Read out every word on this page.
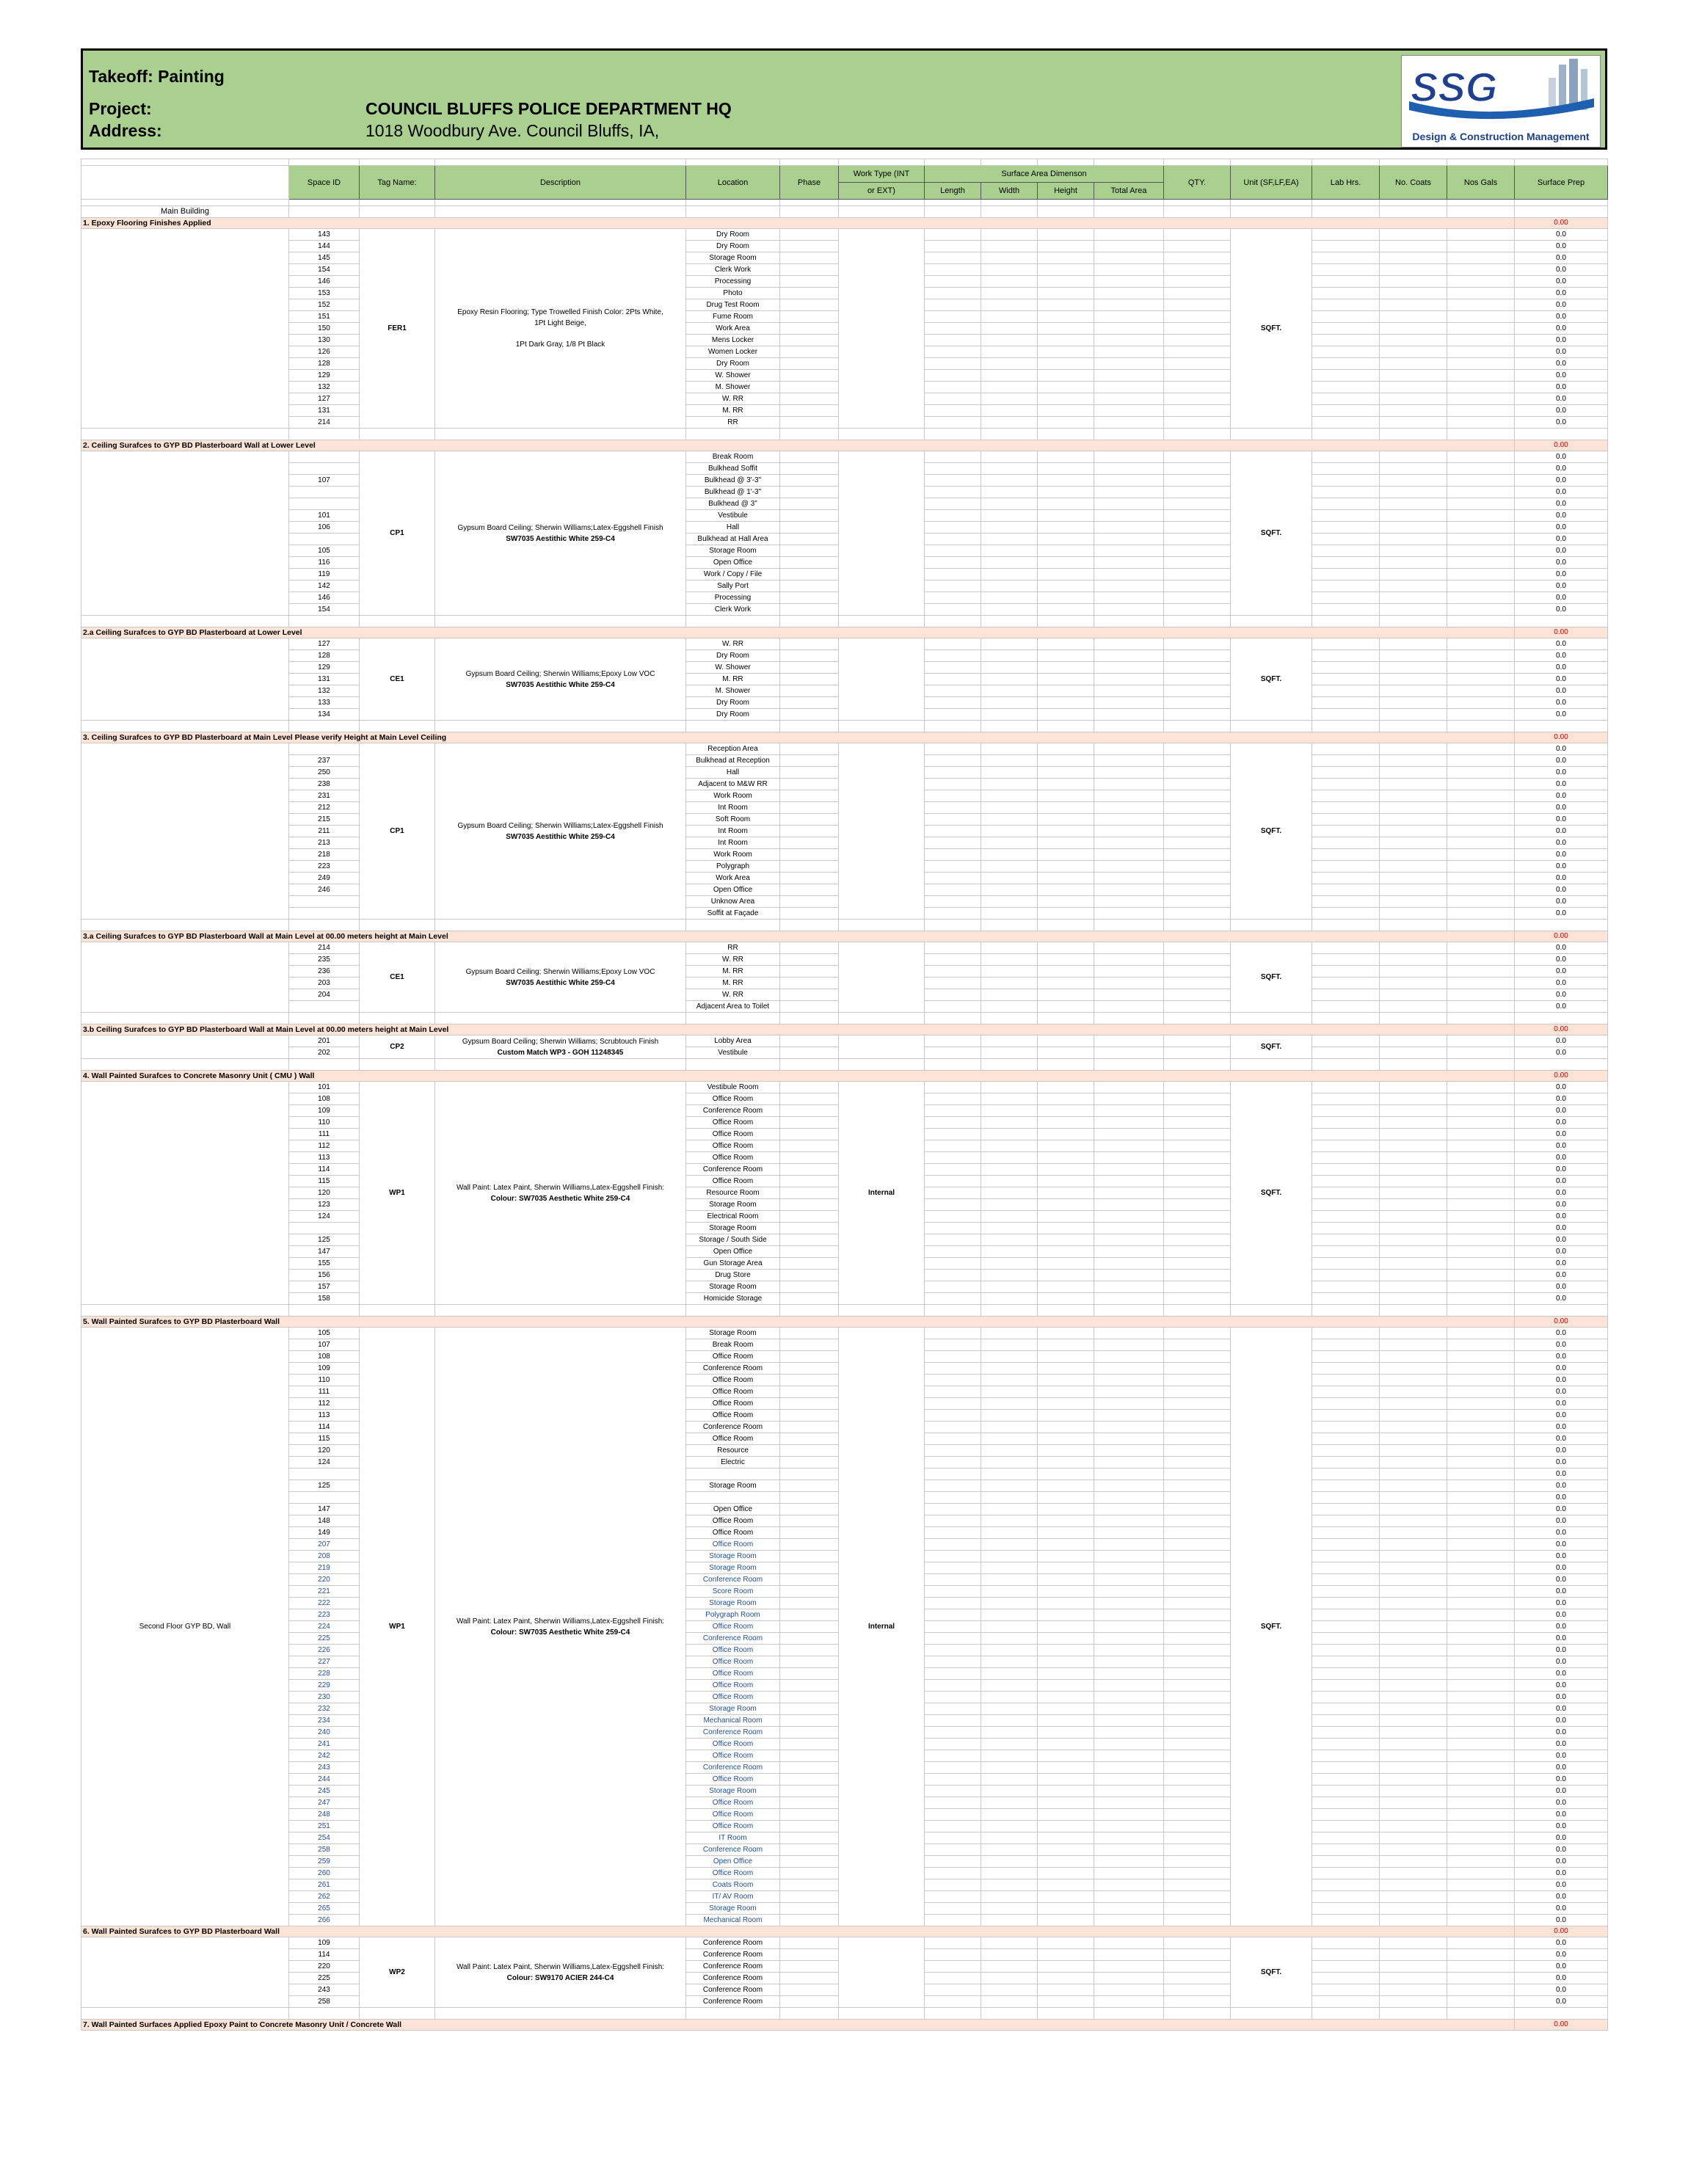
Takeoff: Painting
Project:	COUNCIL BLUFFS POLICE DEPARTMENT HQ
Address:	1018 Woodbury Ave. Council Bluffs, IA,
SSG
Design & Construction Management

	Space ID	Tag Name:	Description	Location	Phase	Work Type (INT	Surface Area Dimenson				QTY.	Unit (SF,LF,EA)	Lab Hrs.	No. Coats	Nos Gals	Surface Prep
						or EXT)	Length	Width	Height	Total Area						

Main Building																
1. Epoxy Flooring Finishes Applied																0.00
	143	FER1	Epoxy Resin Flooring; Type Trowelled Finish Color: 2Pts White,
1Pt Light Beige,
1Pt Dark Gray, 1/8 Pt Black	Dry Room								SQFT.				0.0
	144			Dry Room												0.0
	145			Storage Room												0.0
	154			Clerk Work												0.0
	146			Processing												0.0
	153			Photo												0.0
	152			Drug Test Room												0.0
	151			Fume Room												0.0
	150			Work Area												0.0
	130			Mens Locker												0.0
	126			Women Locker												0.0
	128			Dry Room												0.0
	129			W. Shower												0.0
	132			M. Shower												0.0
	127			W. RR												0.0
	131			M. RR												0.0
	214			RR												0.0

2. Ceiling Surafces to GYP BD Plasterboard Wall at Lower Level																0.00
		CP1	Gypsum Board Ceiling; Sherwin Williams;Latex-Eggshell Finish
SW7035 Aestithic White 259-C4	Break Room								SQFT.				0.0
				Bulkhead Soffit												0.0
	107			Bulkhead @ 3'-3"												0.0
				Bulkhead @ 1'-3"												0.0
				Bulkhead @ 3"												0.0
	101			Vestibule												0.0
	106			Hall												0.0
				Bulkhead at Hall Area												0.0
	105			Storage Room												0.0
	116			Open Office												0.0
	119			Work / Copy / File												0.0
	142			Sally Port												0.0
	146			Processing												0.0
	154			Clerk Work												0.0

2.a Ceiling Surafces to GYP BD Plasterboard at Lower Level																0.00
	127	CE1	Gypsum Board Ceiling; Sherwin Williams;Epoxy Low VOC
SW7035 Aestithic White 259-C4	W. RR								SQFT.				0.0
	128			Dry Room												0.0
	129			W. Shower												0.0
	131			M. RR												0.0
	132			M. Shower												0.0
	133			Dry Room												0.0
	134			Dry Room												0.0

3. Ceiling Surafces to GYP BD Plasterboard at Main Level Please verify Height at Main Level Ceiling																0.00
		CP1	Gypsum Board Ceiling; Sherwin Williams;Latex-Eggshell Finish
SW7035 Aestithic White 259-C4	Reception Area								SQFT.				0.0
	237			Bulkhead at Reception												0.0
	250			Hall												0.0
	238			Adjacent to M&W RR												0.0
	231			Work Room												0.0
	212			Int Room												0.0
	215			Soft Room												0.0
	211			Int Room												0.0
	213			Int Room												0.0
	218			Work Room												0.0
	223			Polygraph												0.0
	249			Work Area												0.0
	246			Open Office												0.0
				Unknow Area												0.0
				Soffit at Façade												0.0

3.a Ceiling Surafces to GYP BD Plasterboard Wall at Main Level at 00.00 meters height at Main Level																0.00
	214	CE1	Gypsum Board Ceiling; Sherwin Williams;Epoxy Low VOC
SW7035 Aestithic White 259-C4	RR								SQFT.				0.0
	235			W. RR												0.0
	236			M. RR												0.0
	203			M. RR												0.0
	204			W. RR												0.0
				Adjacent Area to Toilet												0.0

3.b Ceiling Surafces to GYP BD Plasterboard Wall at Main Level at 00.00 meters height at Main Level																0.00
	201	CP2	Gypsum Board Ceiling; Sherwin Williams; Scrubtouch Finish
Custom Match WP3 - GOH 11248345	Lobby Area								SQFT.				0.0
	202			Vestibule												0.0

4. Wall Painted Surafces to Concrete Masonry Unit ( CMU ) Wall																0.00
	101	WP1	Wall Paint: Latex Paint, Sherwin Williams,Latex-Eggshell Finish:
Colour: SW7035 Aesthetic White 259-C4	Vestibule Room		Internal						SQFT.				0.0
	108			Office Room												0.0
	109			Conference Room												0.0
	110			Office Room												0.0
	111			Office Room												0.0
	112			Office Room												0.0
	113			Office Room												0.0
	114			Conference Room												0.0
	115			Office Room												0.0
	120			Resource Room												0.0
	123			Storage Room												0.0
	124			Electrical Room												0.0
				Storage Room												0.0
	125			Storage / South Side												0.0
	147			Open Office												0.0
	155			Gun Storage Area												0.0
	156			Drug Store												0.0
	157			Storage Room												0.0
	158			Homicide Storage												0.0

5. Wall Painted Surafces to GYP BD Plasterboard Wall																0.00
Second Floor GYP BD, Wall	105	WP1	Wall Paint: Latex Paint, Sherwin Williams,Latex-Eggshell Finish:
Colour: SW7035 Aesthetic White 259-C4	Storage Room		Internal						SQFT.				0.0
	107			Break Room												0.0
	108			Office Room												0.0
	109			Conference Room												0.0
	110			Office Room												0.0
	111			Office Room												0.0
	112			Office Room												0.0
	113			Office Room												0.0
	114			Conference Room												0.0
	115			Office Room												0.0
	120			Resource												0.0
	124			Electric												0.0
																0.0
	125			Storage Room												0.0
																0.0
	147			Open Office												0.0
	148			Office Room												0.0
	149			Office Room												0.0
	207			Office Room												0.0
	208			Storage Room												0.0
	219			Storage Room												0.0
	220			Conference Room												0.0
	221			Score Room												0.0
	222			Storage Room												0.0
	223			Polygraph Room												0.0
	224			Office Room												0.0
	225			Conference Room												0.0
	226			Office Room												0.0
	227			Office Room												0.0
	228			Office Room												0.0
	229			Office Room												0.0
	230			Office Room												0.0
	232			Storage Room												0.0
	234			Mechanical Room												0.0
	240			Conference Room												0.0
	241			Office Room												0.0
	242			Office Room												0.0
	243			Conference Room												0.0
	244			Office Room												0.0
	245			Storage Room												0.0
	247			Office Room												0.0
	248			Office Room												0.0
	251			Office Room												0.0
	254			IT Room												0.0
	258			Conference Room												0.0
	259			Open Office												0.0
	260			Office Room												0.0
	261			Coats Room												0.0
	262			IT/ AV Room												0.0
	265			Storage Room												0.0
	266			Mechanical Room												0.0
6. Wall Painted Surafces to GYP BD Plasterboard Wall																0.00
	109	WP2	Wall Paint: Latex Paint, Sherwin Williams,Latex-Eggshell Finish:
Colour: SW9170 ACIER 244-C4	Conference Room								SQFT.				0.0
	114			Conference Room												0.0
	220			Conference Room												0.0
	225			Conference Room												0.0
	243			Conference Room												0.0
	258			Conference Room												0.0

7. Wall Painted Surfaces Applied Epoxy Paint to Concrete Masonry Unit / Concrete Wall																0.00
